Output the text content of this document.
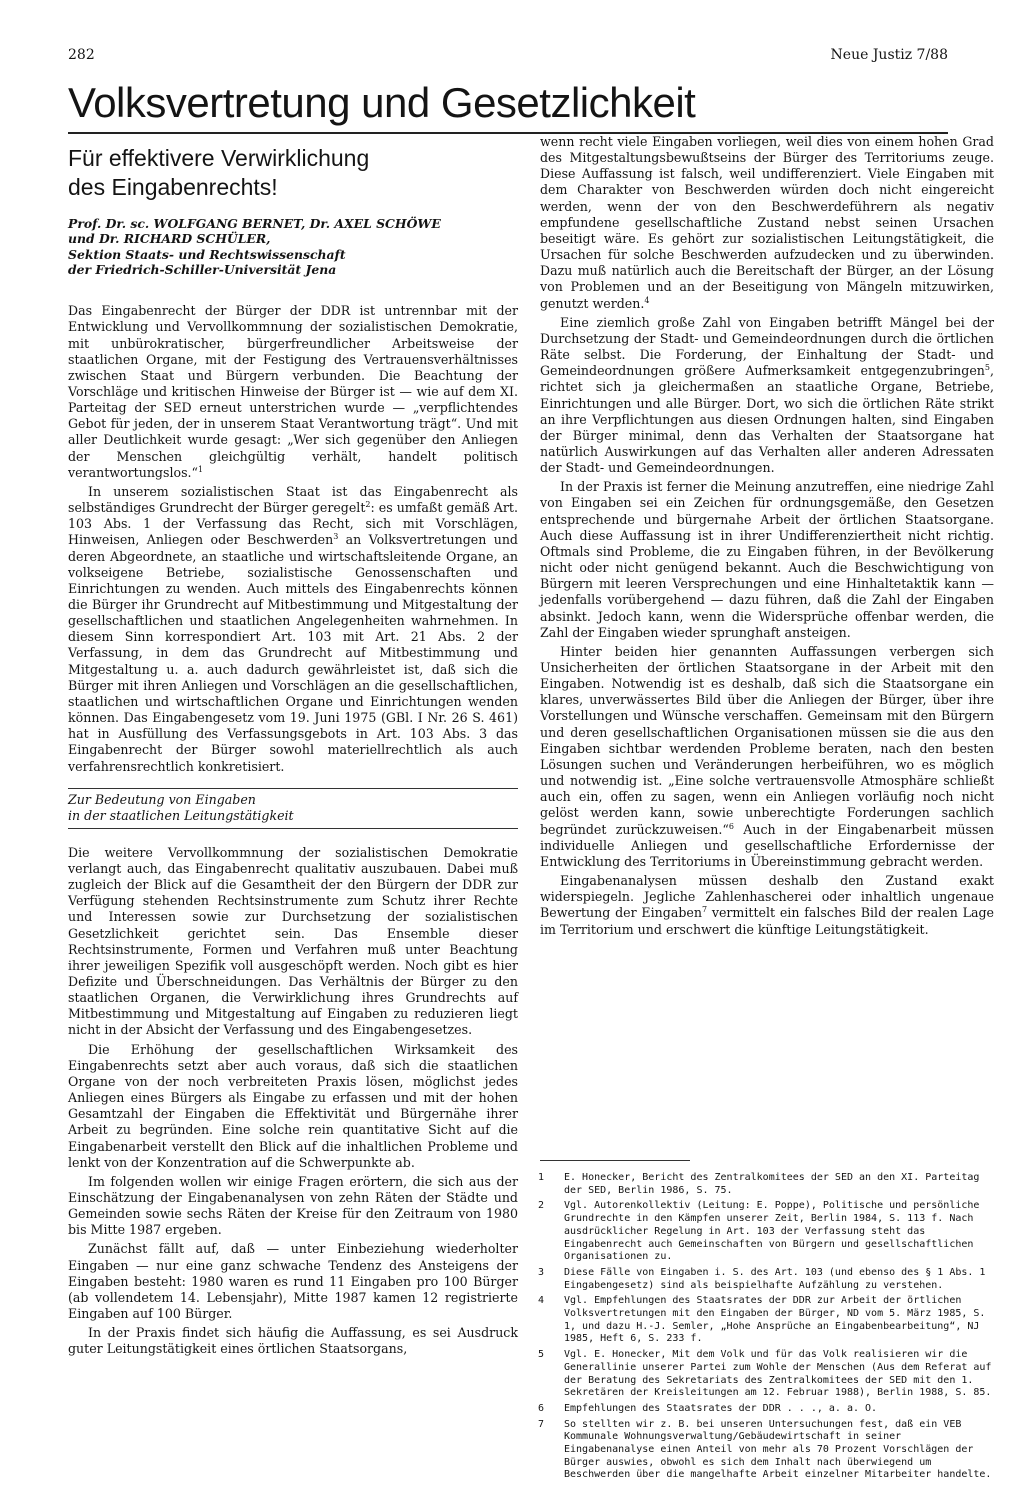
282	Neue Justiz 7/88
Volksvertretung und Gesetzlichkeit
Für effektivere Verwirklichung
des Eingabenrechts!
Prof. Dr. sc. WOLFGANG BERNET, Dr. AXEL SCHÖWE
und Dr. RICHARD SCHÜLER,
Sektion Staats- und Rechtswissenschaft
der Friedrich-Schiller-Universität Jena

Das Eingabenrecht der Bürger der DDR ist untrennbar mit der Entwicklung und Vervollkommnung der sozialistischen Demokratie, mit unbürokratischer, bürgerfreundlicher Arbeitsweise der staatlichen Organe, mit der Festigung des Vertrauensverhältnisses zwischen Staat und Bürgern verbunden. Die Beachtung der Vorschläge und kritischen Hinweise der Bürger ist — wie auf dem XI. Parteitag der SED erneut unterstrichen wurde — „verpflichtendes Gebot für jeden, der in unserem Staat Verantwortung trägt“. Und mit aller Deutlichkeit wurde gesagt: „Wer sich gegenüber den Anliegen der Menschen gleichgültig verhält, handelt politisch verantwortungslos.“$^1$

In unserem sozialistischen Staat ist das Eingabenrecht als selbständiges Grundrecht der Bürger geregelt$^2$: es umfaßt gemäß Art. 103 Abs. 1 der Verfassung das Recht, sich mit Vorschlägen, Hinweisen, Anliegen oder Beschwerden$^3$ an Volksvertretungen und deren Abgeordnete, an staatliche und wirtschaftsleitende Organe, an volkseigene Betriebe, sozialistische Genossenschaften und Einrichtungen zu wenden. Auch mittels des Eingabenrechts können die Bürger ihr Grundrecht auf Mitbestimmung und Mitgestaltung der gesellschaftlichen und staatlichen Angelegenheiten wahrnehmen. In diesem Sinn korrespondiert Art. 103 mit Art. 21 Abs. 2 der Verfassung, in dem das Grundrecht auf Mitbestimmung und Mitgestaltung u. a. auch dadurch gewährleistet ist, daß sich die Bürger mit ihren Anliegen und Vorschlägen an die gesellschaftlichen, staatlichen und wirtschaftlichen Organe und Einrichtungen wenden können. Das Eingabengesetz vom 19. Juni 1975 (GBl. I Nr. 26 S. 461) hat in Ausfüllung des Verfassungsgebots in Art. 103 Abs. 3 das Eingabenrecht der Bürger sowohl materiellrechtlich als auch verfahrensrechtlich konkretisiert.

Zur Bedeutung von Eingaben
in der staatlichen Leitungstätigkeit

Die weitere Vervollkommnung der sozialistischen Demokratie verlangt auch, das Eingabenrecht qualitativ auszubauen. Dabei muß zugleich der Blick auf die Gesamtheit der den Bürgern der DDR zur Verfügung stehenden Rechtsinstrumente zum Schutz ihrer Rechte und Interessen sowie zur Durchsetzung der sozialistischen Gesetzlichkeit gerichtet sein. Das Ensemble dieser Rechtsinstrumente, Formen und Verfahren muß unter Beachtung ihrer jeweiligen Spezifik voll ausgeschöpft werden. Noch gibt es hier Defizite und Überschneidungen. Das Verhältnis der Bürger zu den staatlichen Organen, die Verwirklichung ihres Grundrechts auf Mitbestimmung und Mitgestaltung auf Eingaben zu reduzieren liegt nicht in der Absicht der Verfassung und des Eingabengesetzes.

Die Erhöhung der gesellschaftlichen Wirksamkeit des Eingabenrechts setzt aber auch voraus, daß sich die staatlichen Organe von der noch verbreiteten Praxis lösen, möglichst jedes Anliegen eines Bürgers als Eingabe zu erfassen und mit der hohen Gesamtzahl der Eingaben die Effektivität und Bürgernähe ihrer Arbeit zu begründen. Eine solche rein quantitative Sicht auf die Eingabenarbeit verstellt den Blick auf die inhaltlichen Probleme und lenkt von der Konzentration auf die Schwerpunkte ab.

Im folgenden wollen wir einige Fragen erörtern, die sich aus der Einschätzung der Eingabenanalysen von zehn Räten der Städte und Gemeinden sowie sechs Räten der Kreise für den Zeitraum von 1980 bis Mitte 1987 ergeben.

Zunächst fällt auf, daß — unter Einbeziehung wiederholter Eingaben — nur eine ganz schwache Tendenz des Ansteigens der Eingaben besteht: 1980 waren es rund 11 Eingaben pro 100 Bürger (ab vollendetem 14. Lebensjahr), Mitte 1987 kamen 12 registrierte Eingaben auf 100 Bürger.

In der Praxis findet sich häufig die Auffassung, es sei Ausdruck guter Leitungstätigkeit eines örtlichen Staatsorgans,

wenn recht viele Eingaben vorliegen, weil dies von einem hohen Grad des Mitgestaltungsbewußtseins der Bürger des Territoriums zeuge. Diese Auffassung ist falsch, weil undifferenziert. Viele Eingaben mit dem Charakter von Beschwerden würden doch nicht eingereicht werden, wenn der von den Beschwerdeführern als negativ empfundene gesellschaftliche Zustand nebst seinen Ursachen beseitigt wäre. Es gehört zur sozialistischen Leitungstätigkeit, die Ursachen für solche Beschwerden aufzudecken und zu überwinden. Dazu muß natürlich auch die Bereitschaft der Bürger, an der Lösung von Problemen und an der Beseitigung von Mängeln mitzuwirken, genutzt werden.$^4$

Eine ziemlich große Zahl von Eingaben betrifft Mängel bei der Durchsetzung der Stadt- und Gemeindeordnungen durch die örtlichen Räte selbst. Die Forderung, der Einhaltung der Stadt- und Gemeindeordnungen größere Aufmerksamkeit entgegenzubringen$^5$, richtet sich ja gleichermaßen an staatliche Organe, Betriebe, Einrichtungen und alle Bürger. Dort, wo sich die örtlichen Räte strikt an ihre Verpflichtungen aus diesen Ordnungen halten, sind Eingaben der Bürger minimal, denn das Verhalten der Staatsorgane hat natürlich Auswirkungen auf das Verhalten aller anderen Adressaten der Stadt- und Gemeindeordnungen.

In der Praxis ist ferner die Meinung anzutreffen, eine niedrige Zahl von Eingaben sei ein Zeichen für ordnungsgemäße, den Gesetzen entsprechende und bürgernahe Arbeit der örtlichen Staatsorgane. Auch diese Auffassung ist in ihrer Undifferenziertheit nicht richtig. Oftmals sind Probleme, die zu Eingaben führen, in der Bevölkerung nicht oder nicht genügend bekannt. Auch die Beschwichtigung von Bürgern mit leeren Versprechungen und eine Hinhaltetaktik kann — jedenfalls vorübergehend — dazu führen, daß die Zahl der Eingaben absinkt. Jedoch kann, wenn die Widersprüche offenbar werden, die Zahl der Eingaben wieder sprunghaft ansteigen.

Hinter beiden hier genannten Auffassungen verbergen sich Unsicherheiten der örtlichen Staatsorgane in der Arbeit mit den Eingaben. Notwendig ist es deshalb, daß sich die Staatsorgane ein klares, unverwässertes Bild über die Anliegen der Bürger, über ihre Vorstellungen und Wünsche verschaffen. Gemeinsam mit den Bürgern und deren gesellschaftlichen Organisationen müssen sie die aus den Eingaben sichtbar werdenden Probleme beraten, nach den besten Lösungen suchen und Veränderungen herbeiführen, wo es möglich und notwendig ist. „Eine solche vertrauensvolle Atmosphäre schließt auch ein, offen zu sagen, wenn ein Anliegen vorläufig noch nicht gelöst werden kann, sowie unberechtigte Forderungen sachlich begründet zurückzuweisen.“$^6$ Auch in der Eingabenarbeit müssen individuelle Anliegen und gesellschaftliche Erfordernisse der Entwicklung des Territoriums in Übereinstimmung gebracht werden.

Eingabenanalysen müssen deshalb den Zustand exakt widerspiegeln. Jegliche Zahlenhascherei oder inhaltlich ungenaue Bewertung der Eingaben$^7$ vermittelt ein falsches Bild der realen Lage im Territorium und erschwert die künftige Leitungstätigkeit.

1	E. Honecker, Bericht des Zentralkomitees der SED an den XI. Parteitag der SED, Berlin 1986, S. 75.
2	Vgl. Autorenkollektiv (Leitung: E. Poppe), Politische und persönliche Grundrechte in den Kämpfen unserer Zeit, Berlin 1984, S. 113 f. Nach ausdrücklicher Regelung in Art. 103 der Verfassung steht das Eingabenrecht auch Gemeinschaften von Bürgern und gesellschaftlichen Organisationen zu.
3	Diese Fälle von Eingaben i. S. des Art. 103 (und ebenso des § 1 Abs. 1 Eingabengesetz) sind als beispielhafte Aufzählung zu verstehen.
4	Vgl. Empfehlungen des Staatsrates der DDR zur Arbeit der örtlichen Volksvertretungen mit den Eingaben der Bürger, ND vom 5. März 1985, S. 1, und dazu H.-J. Semler, „Hohe Ansprüche an Eingabenbearbeitung“, NJ 1985, Heft 6, S. 233 f.
5	Vgl. E. Honecker, Mit dem Volk und für das Volk realisieren wir die Generallinie unserer Partei zum Wohle der Menschen (Aus dem Referat auf der Beratung des Sekretariats des Zentralkomitees der SED mit den 1. Sekretären der Kreisleitungen am 12. Februar 1988), Berlin 1988, S. 85.
6	Empfehlungen des Staatsrates der DDR . . ., a. a. O.
7	So stellten wir z. B. bei unseren Untersuchungen fest, daß ein VEB Kommunale Wohnungsverwaltung/Gebäudewirtschaft in seiner Eingabenanalyse einen Anteil von mehr als 70 Prozent Vorschlägen der Bürger auswies, obwohl es sich dem Inhalt nach überwiegend um Beschwerden über die mangelhafte Arbeit einzelner Mitarbeiter handelte.
